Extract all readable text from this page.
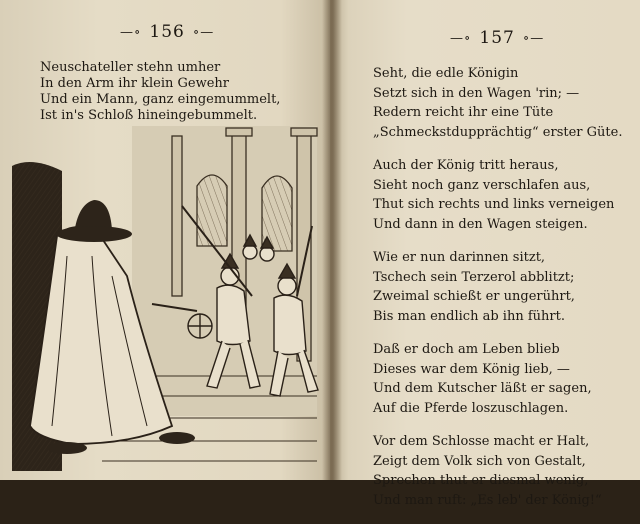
—∘ 156 ∘—
Neuschateller stehn umher
In den Arm ihr klein Gewehr
Und ein Mann, ganz eingemummelt,
Ist in's Schloß hineingebummelt.
—∘ 157 ∘—
Seht, die edle Königin
Setzt sich in den Wagen 'rin; —
Redern reicht ihr eine Tüte
„Schmeckstdupprächtig“ erster Güte.
Auch der König tritt heraus,
Sieht noch ganz verschlafen aus,
Thut sich rechts und links verneigen
Und dann in den Wagen steigen.
Wie er nun darinnen sitzt,
Tschech sein Terzerol abblitzt;
Zweimal schießt er ungerührt,
Bis man endlich ab ihn führt.
Daß er doch am Leben blieb
Dieses war dem König lieb, —
Und dem Kutscher läßt er sagen,
Auf die Pferde loszuschlagen.
Vor dem Schlosse macht er Halt,
Zeigt dem Volk sich von Gestalt,
Sprechen thut er diesmal wenig,
Und man ruft: „Es leb' der König!“
